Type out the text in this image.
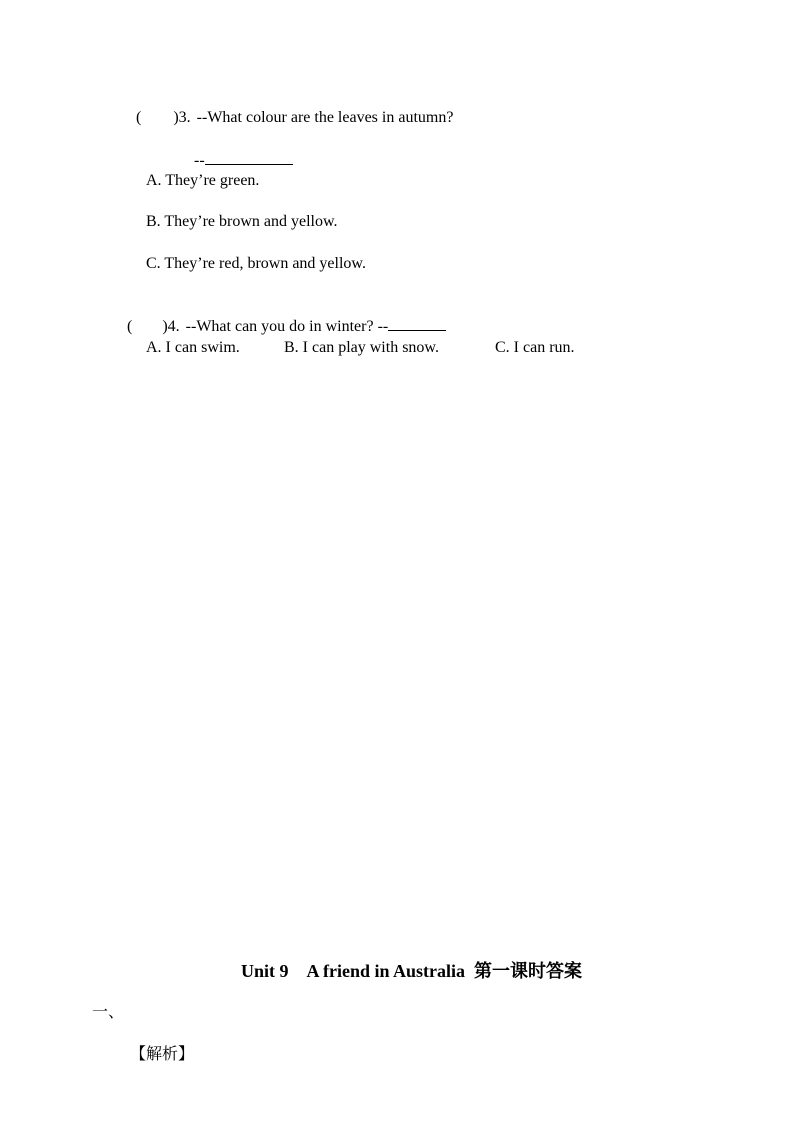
( )3. --What colour are the leaves in autumn?

--

A. They’re green.
B. They’re brown and yellow.
C. They’re red, brown and yellow.

( )4. --What can you do in winter? --

A. I can swim.	B. I can play with snow.	C. I can run.
Unit 9　A friend in Australia  第一课时答案
一、
【解析】
